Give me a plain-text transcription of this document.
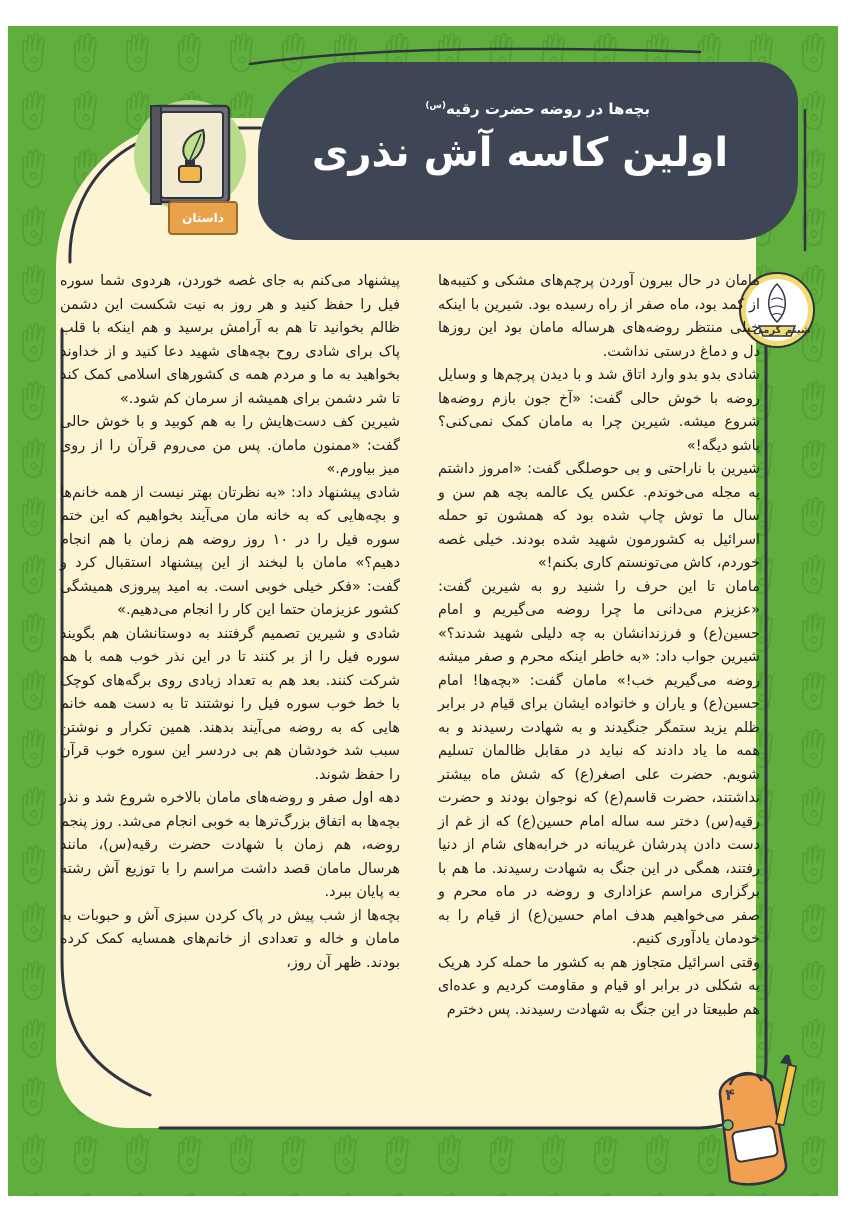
بچه‌ها در روضه حضرت رقیه$^{(س)}$
اولین کاسه آش نذری
داستان
شبنم کرمی

مامان در حال بیرون آوردن پرچم‌های مشکی و کتیبه‌ها از کمد بود، ماه صفر از راه رسیده بود. شیرین با اینکه خیلی منتظر روضه‌های هرساله مامان بود این روزها دل و دماغ درستی نداشت.

شادی بدو بدو وارد اتاق شد و با دیدن پرچم‌ها و وسایل روضه با خوش حالی گفت: «آخ جون بازم روضه‌ها شروع میشه. شیرین چرا به مامان کمک نمی‌کنی؟ پاشو دیگه!»

شیرین با ناراحتی و بی حوصلگی گفت: «امروز داشتم یه مجله می‌خوندم. عکس یک عالمه بچه هم سن و سال ما توش چاپ شده بود که همشون تو حمله اسرائیل به کشورمون شهید شده بودند. خیلی غصه خوردم، کاش می‌تونستم کاری بکنم!»

مامان تا این حرف را شنید رو به شیرین گفت: «عزیزم می‌دانی ما چرا روضه می‌گیریم و امام حسین(ع) و فرزندانشان به چه دلیلی شهید شدند؟» شیرین جواب داد: «به خاطر اینکه محرم و صفر میشه روضه می‌گیریم خب!» مامان گفت: «بچه‌ها! امام حسین(ع) و یاران و خانواده ایشان برای قیام در برابر ظلم یزید ستمگر جنگیدند و به شهادت رسیدند و به همه ما یاد دادند که نباید در مقابل ظالمان تسلیم شویم. حضرت علی اصغر(ع) که شش ماه بیشتر نداشتند، حضرت قاسم(ع) که نوجوان بودند و حضرت رقیه(س) دختر سه ساله امام حسین(ع) که از غم از دست دادن پدرشان غریبانه در خرابه‌های شام از دنیا رفتند، همگی در این جنگ به شهادت رسیدند. ما هم با برگزاری مراسم عزاداری و روضه در ماه محرم و صفر می‌خواهیم هدف امام حسین(ع) از قیام را به خودمان یادآوری کنیم.

وقتی اسرائیل متجاوز هم به کشور ما حمله کرد هریک به شکلی در برابر او قیام و مقاومت کردیم و عده‌ای هم طبیعتا در این جنگ به شهادت رسیدند. پس دخترم

پیشنهاد می‌کنم به جای غصه خوردن، هردوی شما سوره فیل را حفظ کنید و هر روز به نیت شکست این دشمن ظالم بخوانید تا هم به آرامش برسید و هم اینکه با قلب پاک برای شادی روح بچه‌های شهید دعا کنید و از خداوند بخواهید به ما و مردم همه ی کشورهای اسلامی کمک کند تا شر دشمن برای همیشه از سرمان کم شود.»

شیرین کف دست‌هایش را به هم کوبید و با خوش حالی گفت: «ممنون مامان. پس من می‌روم قرآن را از روی میز بیاورم.»

شادی پیشنهاد داد: «به نظرتان بهتر نیست از همه خانم‌ها و بچه‌هایی که به خانه مان می‌آیند بخواهیم که این ختم سوره فیل را در ۱۰ روز روضه هم زمان با هم انجام دهیم؟» مامان با لبخند از این پیشنهاد استقبال کرد و گفت: «فکر خیلی خوبی است. به امید پیروزی همیشگی کشور عزیزمان حتما این کار را انجام می‌دهیم.»

شادی و شیرین تصمیم گرفتند به دوستانشان هم بگویند سوره فیل را از بر کنند تا در این نذر خوب همه با هم شرکت کنند. بعد هم به تعداد زیادی روی برگه‌های کوچک با خط خوب سوره فیل را نوشتند تا به دست همه خانم هایی که به روضه می‌آیند بدهند. همین تکرار و نوشتن سبب شد خودشان هم بی دردسر این سوره خوب قرآن را حفظ شوند.

دهه اول صفر و روضه‌های مامان بالاخره شروع شد و نذر بچه‌ها به اتفاق بزرگ‌ترها به خوبی انجام می‌شد. روز پنجم روضه، هم زمان با شهادت حضرت رقیه(س)، مانند هرسال مامان قصد داشت مراسم را با توزیع آش رشته به پایان ببرد.

بچه‌ها از شب پیش در پاک کردن سبزی آش و حبوبات به مامان و خاله و تعدادی از خانم‌های همسایه کمک کرده بودند. ظهر آن روز،

۴
